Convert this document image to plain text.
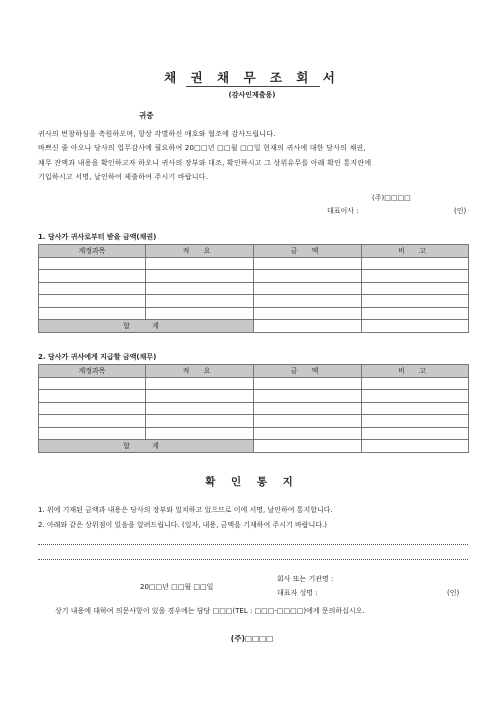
채 권 채 무 조 회 서
(감사인제출용)
귀중
귀사의 번창하심을 축원하오며, 항상 각별하신 애호와 협조에 감사드립니다.
바쁘신 줄 아오나 당사의 업무감사에 필요하여 20□□년 □□월 □□일 현재의 귀사에 대한 당사의 채권,
채무 잔액과 내용을 확인하고자 하오니 귀사의 장부와 대조, 확인하시고 그 상위유무를 아래 확인 통지란에
기입하시고 서명, 날인하여 제출하여 주시기 바랍니다.
(주)□□□□
대표이사 :	(인)
1. 당사가 귀사로부터 받을 금액(채권)
계정과목	적 요	금 액	비 고

합 계			
2. 당사가 귀사에게 지급할 금액(채무)
계정과목	적 요	금 액	비 고

합 계			
확 인 통 지
1. 위에 기재된 금액과 내용은 당사의 장부와 일치하고 있으므로 이에 서명, 날인하여 통지합니다.
2. 아래와 같은 상위점이 있음을 알려드립니다. (일자, 내용, 금액을 기재하여 주시기 바랍니다.)
20□□년 □□월 □□일
회사 또는 기관명 :
대표자 성명 :	(인)
상기 내용에 대하여 의문사항이 있을 경우에는 담당 □□□(TEL : □□□-□□□□)에게 문의하십시오.
(주)□□□□
